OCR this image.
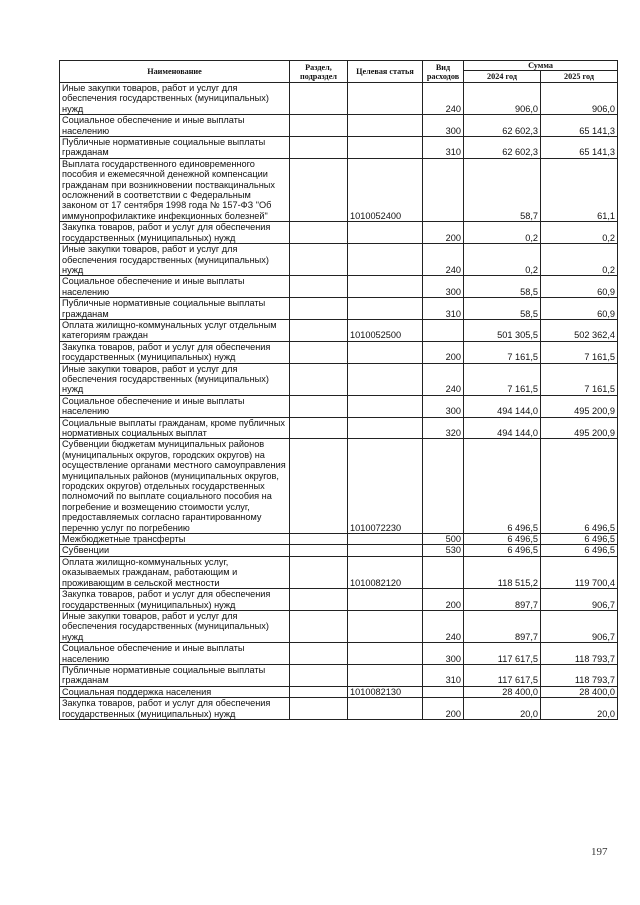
Наименование	Раздел, подраздел	Целевая статья	Вид расходов	Сумма	
				2024 год	2025 год
Иные закупки товаров, работ и услуг для обеспечения государственных (муниципальных) нужд			240	906,0	906,0
Социальное обеспечение и иные выплаты населению			300	62 602,3	65 141,3
Публичные нормативные социальные выплаты гражданам			310	62 602,3	65 141,3
Выплата государственного единовременного пособия и ежемесячной денежной компенсации гражданам при возникновении поствакцинальных осложнений в соответствии с Федеральным законом от 17 сентября 1998 года № 157-ФЗ "Об иммунопрофилактике инфекционных болезней"		1010052400		58,7	61,1
Закупка товаров, работ и услуг для обеспечения государственных (муниципальных) нужд			200	0,2	0,2
Иные закупки товаров, работ и услуг для обеспечения государственных (муниципальных) нужд			240	0,2	0,2
Социальное обеспечение и иные выплаты населению			300	58,5	60,9
Публичные нормативные социальные выплаты гражданам			310	58,5	60,9
Оплата жилищно-коммунальных услуг отдельным категориям граждан		1010052500		501 305,5	502 362,4
Закупка товаров, работ и услуг для обеспечения государственных (муниципальных) нужд			200	7 161,5	7 161,5
Иные закупки товаров, работ и услуг для обеспечения государственных (муниципальных) нужд			240	7 161,5	7 161,5
Социальное обеспечение и иные выплаты населению			300	494 144,0	495 200,9
Социальные выплаты гражданам, кроме публичных нормативных социальных выплат			320	494 144,0	495 200,9
Субвенции бюджетам муниципальных районов (муниципальных округов, городских округов) на осуществление органами местного самоуправления муниципальных районов (муниципальных округов, городских округов) отдельных государственных полномочий по выплате социального пособия на погребение и возмещению стоимости услуг, предоставляемых согласно гарантированному перечню услуг по погребению		1010072230		6 496,5	6 496,5
Межбюджетные трансферты			500	6 496,5	6 496,5
Субвенции			530	6 496,5	6 496,5
Оплата жилищно-коммунальных услуг, оказываемых гражданам, работающим и проживающим в сельской местности		1010082120		118 515,2	119 700,4
Закупка товаров, работ и услуг для обеспечения государственных (муниципальных) нужд			200	897,7	906,7
Иные закупки товаров, работ и услуг для обеспечения государственных (муниципальных) нужд			240	897,7	906,7
Социальное обеспечение и иные выплаты населению			300	117 617,5	118 793,7
Публичные нормативные социальные выплаты гражданам			310	117 617,5	118 793,7
Социальная поддержка населения		1010082130		28 400,0	28 400,0
Закупка товаров, работ и услуг для обеспечения государственных (муниципальных) нужд			200	20,0	20,0
197
